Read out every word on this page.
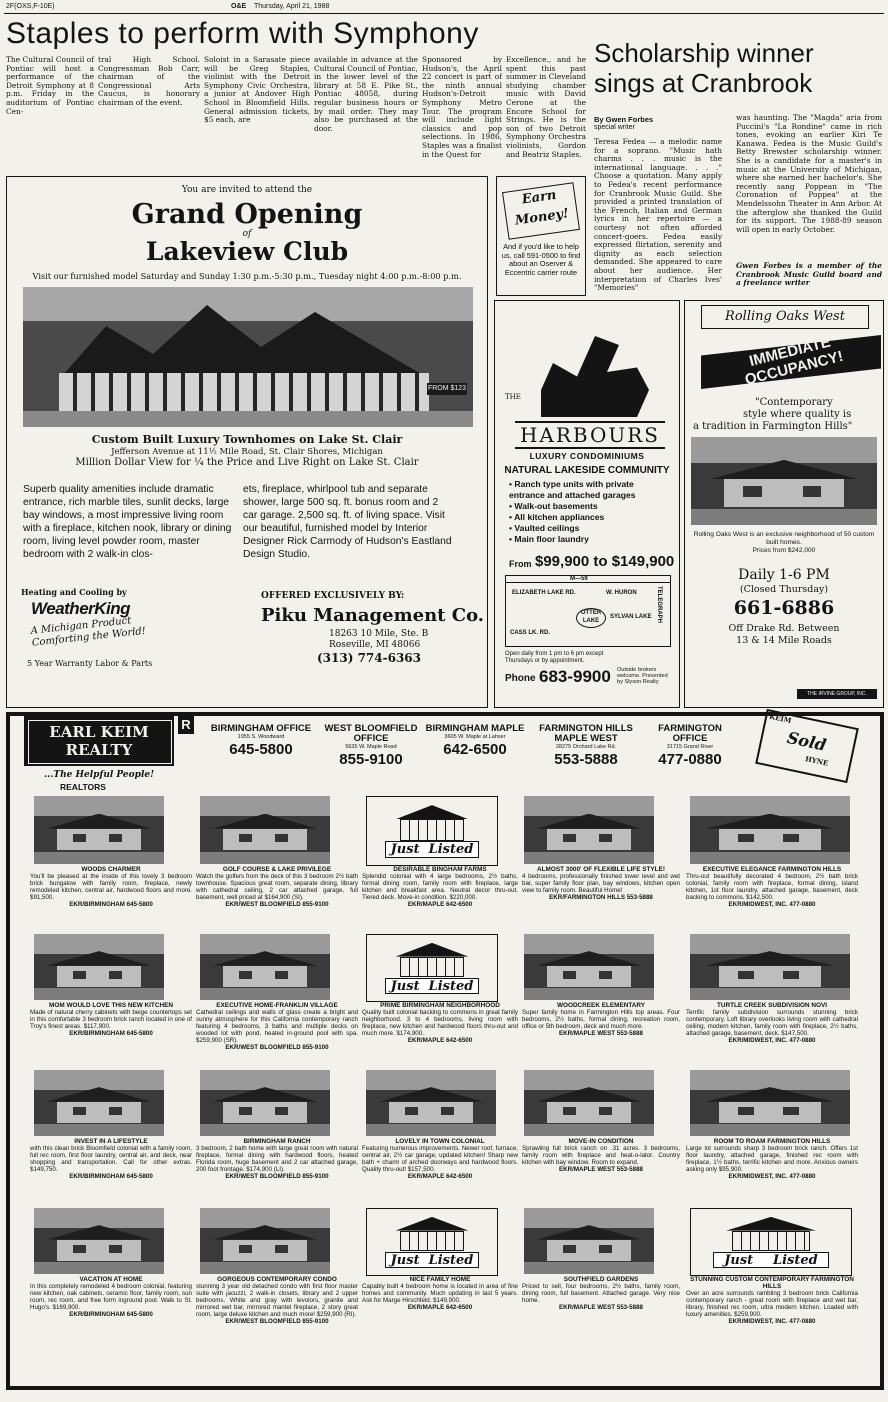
2F(OXS,F-10E)	O&E Thursday, April 21, 1988
Staples to perform with Symphony
The Cultural Council of Pontiac will host a performance of the Detroit Symphony at 8 p.m. Friday in the auditorium of Pontiac Cen-
tral High School. Congressman Bob Carr, chairman of the Congressional Arts Caucus, is honorary chairman of the event.
Soloist in a Sarasate piece will be Greg Staples, violinist with the Detroit Symphony Civic Orchestra, a junior at Andover High School in Bloomfield Hills. General admission tickets, $5 each, are
available in advance at the Cultural Council of Pontiac, in the lower level of the library at 58 E. Pike St., Pontiac 48058, during regular business hours or by mail order. They may also be purchased at the door.
Sponsored by Hudson's, the April 22 concert is part of the ninth annual Hudson's-Detroit Symphony Metro Tour. The program will include light classics and pop selections. In 1986, Staples was a finalist in the Quest for
Excellence., and he spent this past summer in Cleveland studying chamber music with David Cerone at the Encore School for Strings. He is the son of two Detroit Symphony Orchestra violinists, Gordon and Beatriz Staples.
You are invited to attend the
Grand Opening
of
Lakeview Club
Visit our furnished model Saturday and Sunday 1:30 p.m.-5:30 p.m., Tuesday night 4:00 p.m.-8:00 p.m.
FROM $123
Custom Built Luxury Townhomes on Lake St. Clair
Jefferson Avenue at 11½ Mile Road, St. Clair Shores, Michigan
Million Dollar View for ¼ the Price and Live Right on Lake St. Clair
Superb quality amenities include dramatic entrance, rich marble tiles, sunlit decks, large bay windows, a most impressive living room with a fireplace, kitchen nook, library or dining room, living level powder room, master bedroom with 2 walk-in clos-
ets, fireplace, whirlpool tub and separate shower, large 500 sq. ft. bonus room and 2 car garage. 2,500 sq. ft. of living space. Visit our beautiful, furnished model by Interior Designer Rick Carmody of Hudson's Eastland Design Studio.
Heating and Cooling by
WeatherKing
A Michigan Product Comforting the World!
5 Year Warranty Labor & Parts
OFFERED EXCLUSIVELY BY:
Piku Management Co.
18263 10 Mile, Ste. B
Roseville, MI 48066
(313) 774-6363
Scholarship winner
sings at Cranbrook
By Gwen Forbes
special writer
Teresa Fedea — a melodic name for a soprano. "Music hath charms . . . music is the international language. . . ." Choose a quotation. Many apply to Fedea's recent performance for Cranbrook Music Guild. She provided a printed translation of the French, Italian and German lyrics in her repertoire — a courtesy not often afforded concert-goers. Fedea easily expressed flirtation, serenity and dignity as each selection demanded. She appeared to care about her audience. Her interpretation of Charles Ives' "Memories"
was haunting. The "Magda" aria from Puccini's "La Rondine" came in rich tones, evoking an earlier Kiri Te Kanawa. Fedea is the Music Guild's Betty Brewster scholarship winner. She is a candidate for a master's in music at the University of Michigan, where she earned her bachelor's. She recently sang Poppean in "The Coronation of Poppea" at the Mendelssohn Theater in Ann Arbor. At the afterglow she thanked the Guild for its support. The 1988-89 season will open in early October.
Gwen Forbes is a member of the Cranbrook Music Guild board and a freelance writer
Earn Money!
And if you'd like to help us, call 591-0500 to find about an Oserver & Eccentric carrier route
THE
HARBOURS
LUXURY CONDOMINIUMS
NATURAL LAKESIDE COMMUNITY
• Ranch type units with private entrance and attached garages
• Walk-out basements
• All kitchen appliances
• Vaulted ceilings
• Main floor laundry
From $99,900 to $149,900
M—59
ELIZABETH LAKE RD.	W. HURON
OTTER LAKE
SYLVAN LAKE
CASS LK. RD.
TELEGRAPH
Open daily from 1 pm to 6 pm except Thursdays or by appointment.
Outside brokers welcome. Presented by Slyson Realty
Phone 683-9900
Rolling Oaks West
IMMEDIATE OCCUPANCY!
"Contemporary
style where quality is
a tradition in Farmington Hills"
Rolling Oaks West is an exclusive neighborhood of 50 custom built homes.
Prices from $242,000
Daily 1-6 PM
(Closed Thursday)
661-6886
Off Drake Rd. Between
13 & 14 Mile Roads
THE IRVINE GROUP, INC.
EARL KEIM
REALTY
R
...The Helpful People!
REALTORS
BIRMINGHAM OFFICE
1955 S. Woodward
645-5800
WEST BLOOMFIELD OFFICE
5635 W. Maple Road
855-9100
BIRMINGHAM MAPLE
3605 W. Maple at Lahser
642-6500
FARMINGTON HILLS MAPLE WEST
28275 Orchard Lake Rd.
553-5888
FARMINGTON OFFICE
31715 Grand River
477-0880
KEIM
Sold
HYNE
Just Listed
WOODS CHARMER
You'll be pleased at the inside of this lovely 3 bedroom brick bungalow with family room, fireplace, newly remodeled kitchen, central air, hardwood floors and more. $91,500.
EKR/BIRMINGHAM 645-5800
GOLF COURSE & LAKE PRIVILEGE
Watch the golfers from the deck of this 3 bedroom 2½ bath townhouse. Spacious great room, separate dining, library with cathedral ceiling, 2 car attached garage, full basement, well priced at $164,900 (SI).
EKR/WEST BLOOMFIELD 855-9100
DESIRABLE BINGHAM FARMS
Splendid colonial with 4 large bedrooms, 2½ baths, formal dining room, family room with fireplace, large kitchen and breakfast area. Neutral decor thru-out. Tiered deck. Move-in condition. $220,000.
EKR/MAPLE 642-6500
ALMOST 3000' OF FLEXIBLE LIFE STYLE!
4 bedrooms, professionally finished lower level and wet bar, super family floor plan, bay windows, kitchen open view to family room. Beautiful Home!
EKR/FARMINGTON HILLS 553-5888
EXECUTIVE ELEGANCE FARMINGTON HILLS
Thru-out beautifully decorated 4 bedroom, 2½ bath brick colonial, family room with fireplace, formal dining, island kitchen, 1st floor laundry, attached garage, basement, deck backing to commons. $142,500.
EKR/MIDWEST, INC. 477-0880
Just Listed
MOM WOULD LOVE THIS NEW KITCHEN
Made of natural cherry cabinets with beige countertops set in this comfortable 3 bedroom brick ranch located in one of Troy's finest areas. $117,900.
EKR/BIRMINGHAM 645-5800
EXECUTIVE HOME-FRANKLIN VILLAGE
Cathedral ceilings and walls of glass create a bright and sunny atmosphere for this California contemporary ranch featuring 4 bedrooms, 3 baths and multiple decks on wooded lot with pond, heated in-ground pool with spa. $259,900 (SR).
EKR/WEST BLOOMFIELD 855-9100
PRIME BIRMINGHAM NEIGHBORHOOD
Quality built colonial backing to commons in great family neighborhood. 3 to 4 bedrooms, living room with fireplace, new kitchen and hardwood floors thru-out and much more. $174,900.
EKR/MAPLE 642-6500
WOODCREEK ELEMENTARY
Super family home in Farmington Hills top areas. Four bedrooms, 2½ baths, formal dining, recreation room, office or 5th bedroom, deck and much more.
EKR/MAPLE WEST 553-5888
TURTLE CREEK SUBDIVISION NOVI
Terrific family subdivision surrounds stunning brick contemporary. Loft library overlooks living room with cathedral ceiling, modern kitchen, family room with fireplace, 2½ baths, attached garage, basement, deck. $147,500.
EKR/MIDWEST, INC. 477-0880
INVEST IN A LIFESTYLE
with this clean brick Bloomfield colonial with a family room, full rec room, first floor laundry, central air, and deck, near shopping and transportation. Call for other extras. $149,750.
EKR/BIRMINGHAM 645-5800
BIRMINGHAM RANCH
3 bedroom, 2 bath home with large great room with natural fireplace, formal dining with hardwood floors, heated Florida room, huge basement and 2 car attached garage, 200 foot frontage. $174,900 (LI).
EKR/WEST BLOOMFIELD 855-9100
LOVELY IN TOWN COLONIAL
Featuring numerous improvements. Newer roof, furnace, central air, 2½ car garage, updated kitchen! Sharp new bath + charm of arched doorways and hardwood floors. Quality thru-out! $157,500.
EKR/MAPLE 642-6500
MOVE-IN CONDITION
Sprawling full brick ranch on .31 acres. 3 bedrooms, family room with fireplace and heat-o-lator. Country kitchen with bay window. Room to expand.
EKR/MAPLE WEST 553-5888
ROOM TO ROAM FARMINGTON HILLS
Large lot surrounds sharp 3 bedroom brick ranch. Offers 1st floor laundry, attached garage, finished rec room with fireplace, 1½ baths, terrific kitchen and more. Anxious owners asking only $95,900.
EKR/MIDWEST, INC. 477-0880
Just Listed	Just Listed
VACATION AT HOME
In this completely remodeled 4 bedroom colonial, featuring new kitchen, oak cabinets, ceramic floor, family room, sun room, rec room, and free form inground pool. Walk to St. Hugo's. $169,900.
EKR/BIRMINGHAM 645-5800
GORGEOUS CONTEMPORARY CONDO
stunning 3 year old detached condo with first floor master suite with jacuzzi, 2 walk-in closets, library and 2 upper bedrooms. White and gray with levolors, granite and mirrored wet bar, mirrored mantel fireplace, 2 story great room, large deluxe kitchen and much more! $259,900 (RI).
EKR/WEST BLOOMFIELD 855-9100
NICE FAMILY HOME
Capably built 4 bedroom home is located in area of fine homes and community. Much updating in last 5 years. Ask for Marge Hirschfeld. $149,900.
EKR/MAPLE 642-6500
SOUTHFIELD GARDENS
Priced to sell, four bedrooms, 2½ baths, family room, dining room, full basement. Attached garage. Very nice home.
EKR/MAPLE WEST 553-5888
STUNNING CUSTOM CONTEMPORARY FARMINGTON HILLS
Over an acre surrounds rambling 3 bedroom brick California contemporary ranch - great room with fireplace and wet bar, library, finished rec room, ultra modern kitchen. Loaded with luxury amenities. $259,900.
EKR/MIDWEST, INC. 477-0880
